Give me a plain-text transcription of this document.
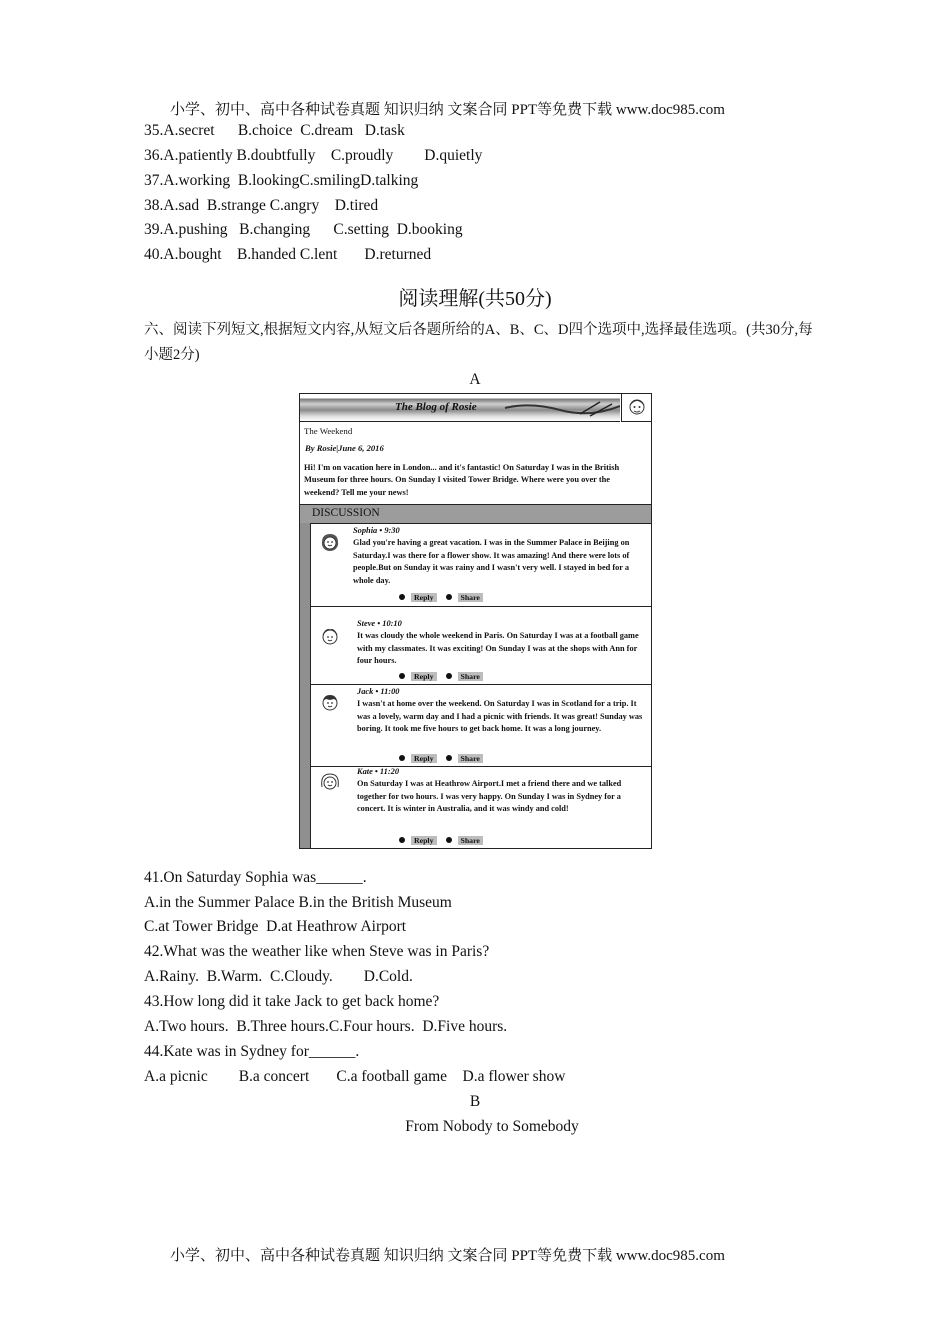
小学、初中、高中各种试卷真题 知识归纳 文案合同 PPT等免费下载 www.doc985.com
35.A.secret      B.choice  C.dream   D.task
36.A.patiently B.doubtfully    C.proudly        D.quietly
37.A.working  B.lookingC.smilingD.talking
38.A.sad  B.strange C.angry    D.tired
39.A.pushing   B.changing      C.setting  D.booking
40.A.bought    B.handed C.lent       D.returned
阅读理解(共50分)
六、阅读下列短文,根据短文内容,从短文后各题所给的A、B、C、D四个选项中,选择最佳选项。(共30分,每小题2分)
A
The Blog of Rosie
The Weekend
By Rosie|June 6, 2016
Hi! I'm on vacation here in London... and it's fantastic! On Saturday I was in the British Museum for three hours. On Sunday I visited Tower Bridge. Where were you over the weekend? Tell me your news!
DISCUSSION
Sophia • 9:30
Glad you're having a great vacation. I was in the Summer Palace in Beijing on Saturday.I was there for a flower show. It was amazing! And there were lots of people.But on Sunday it was rainy and I wasn't very well. I stayed in bed for a whole day.
Reply	Share
Steve • 10:10
It was cloudy the whole weekend in Paris. On Saturday I was at a football game with my classmates. It was exciting! On Sunday I was at the shops with Ann for four hours.
Reply	Share
Jack • 11:00
I wasn't at home over the weekend. On Saturday I was in Scotland for a trip. It was a lovely, warm day and I had a picnic with friends. It was great! Sunday was boring. It took me five hours to get back home. It was a long journey.
Reply	Share
Kate • 11:20
On Saturday I was at Heathrow Airport.I met a friend there and we talked together for two hours. I was very happy. On Sunday I was in Sydney for a concert. It is winter in Australia, and it was windy and cold!
Reply	Share
41.On Saturday Sophia was______.
A.in the Summer Palace B.in the British Museum
C.at Tower Bridge  D.at Heathrow Airport
42.What was the weather like when Steve was in Paris?
A.Rainy.  B.Warm.  C.Cloudy.        D.Cold.
43.How long did it take Jack to get back home?
A.Two hours.  B.Three hours.C.Four hours.  D.Five hours.
44.Kate was in Sydney for______.
A.a picnic        B.a concert       C.a football game    D.a flower show
B
From Nobody to Somebody
小学、初中、高中各种试卷真题 知识归纳 文案合同 PPT等免费下载 www.doc985.com
